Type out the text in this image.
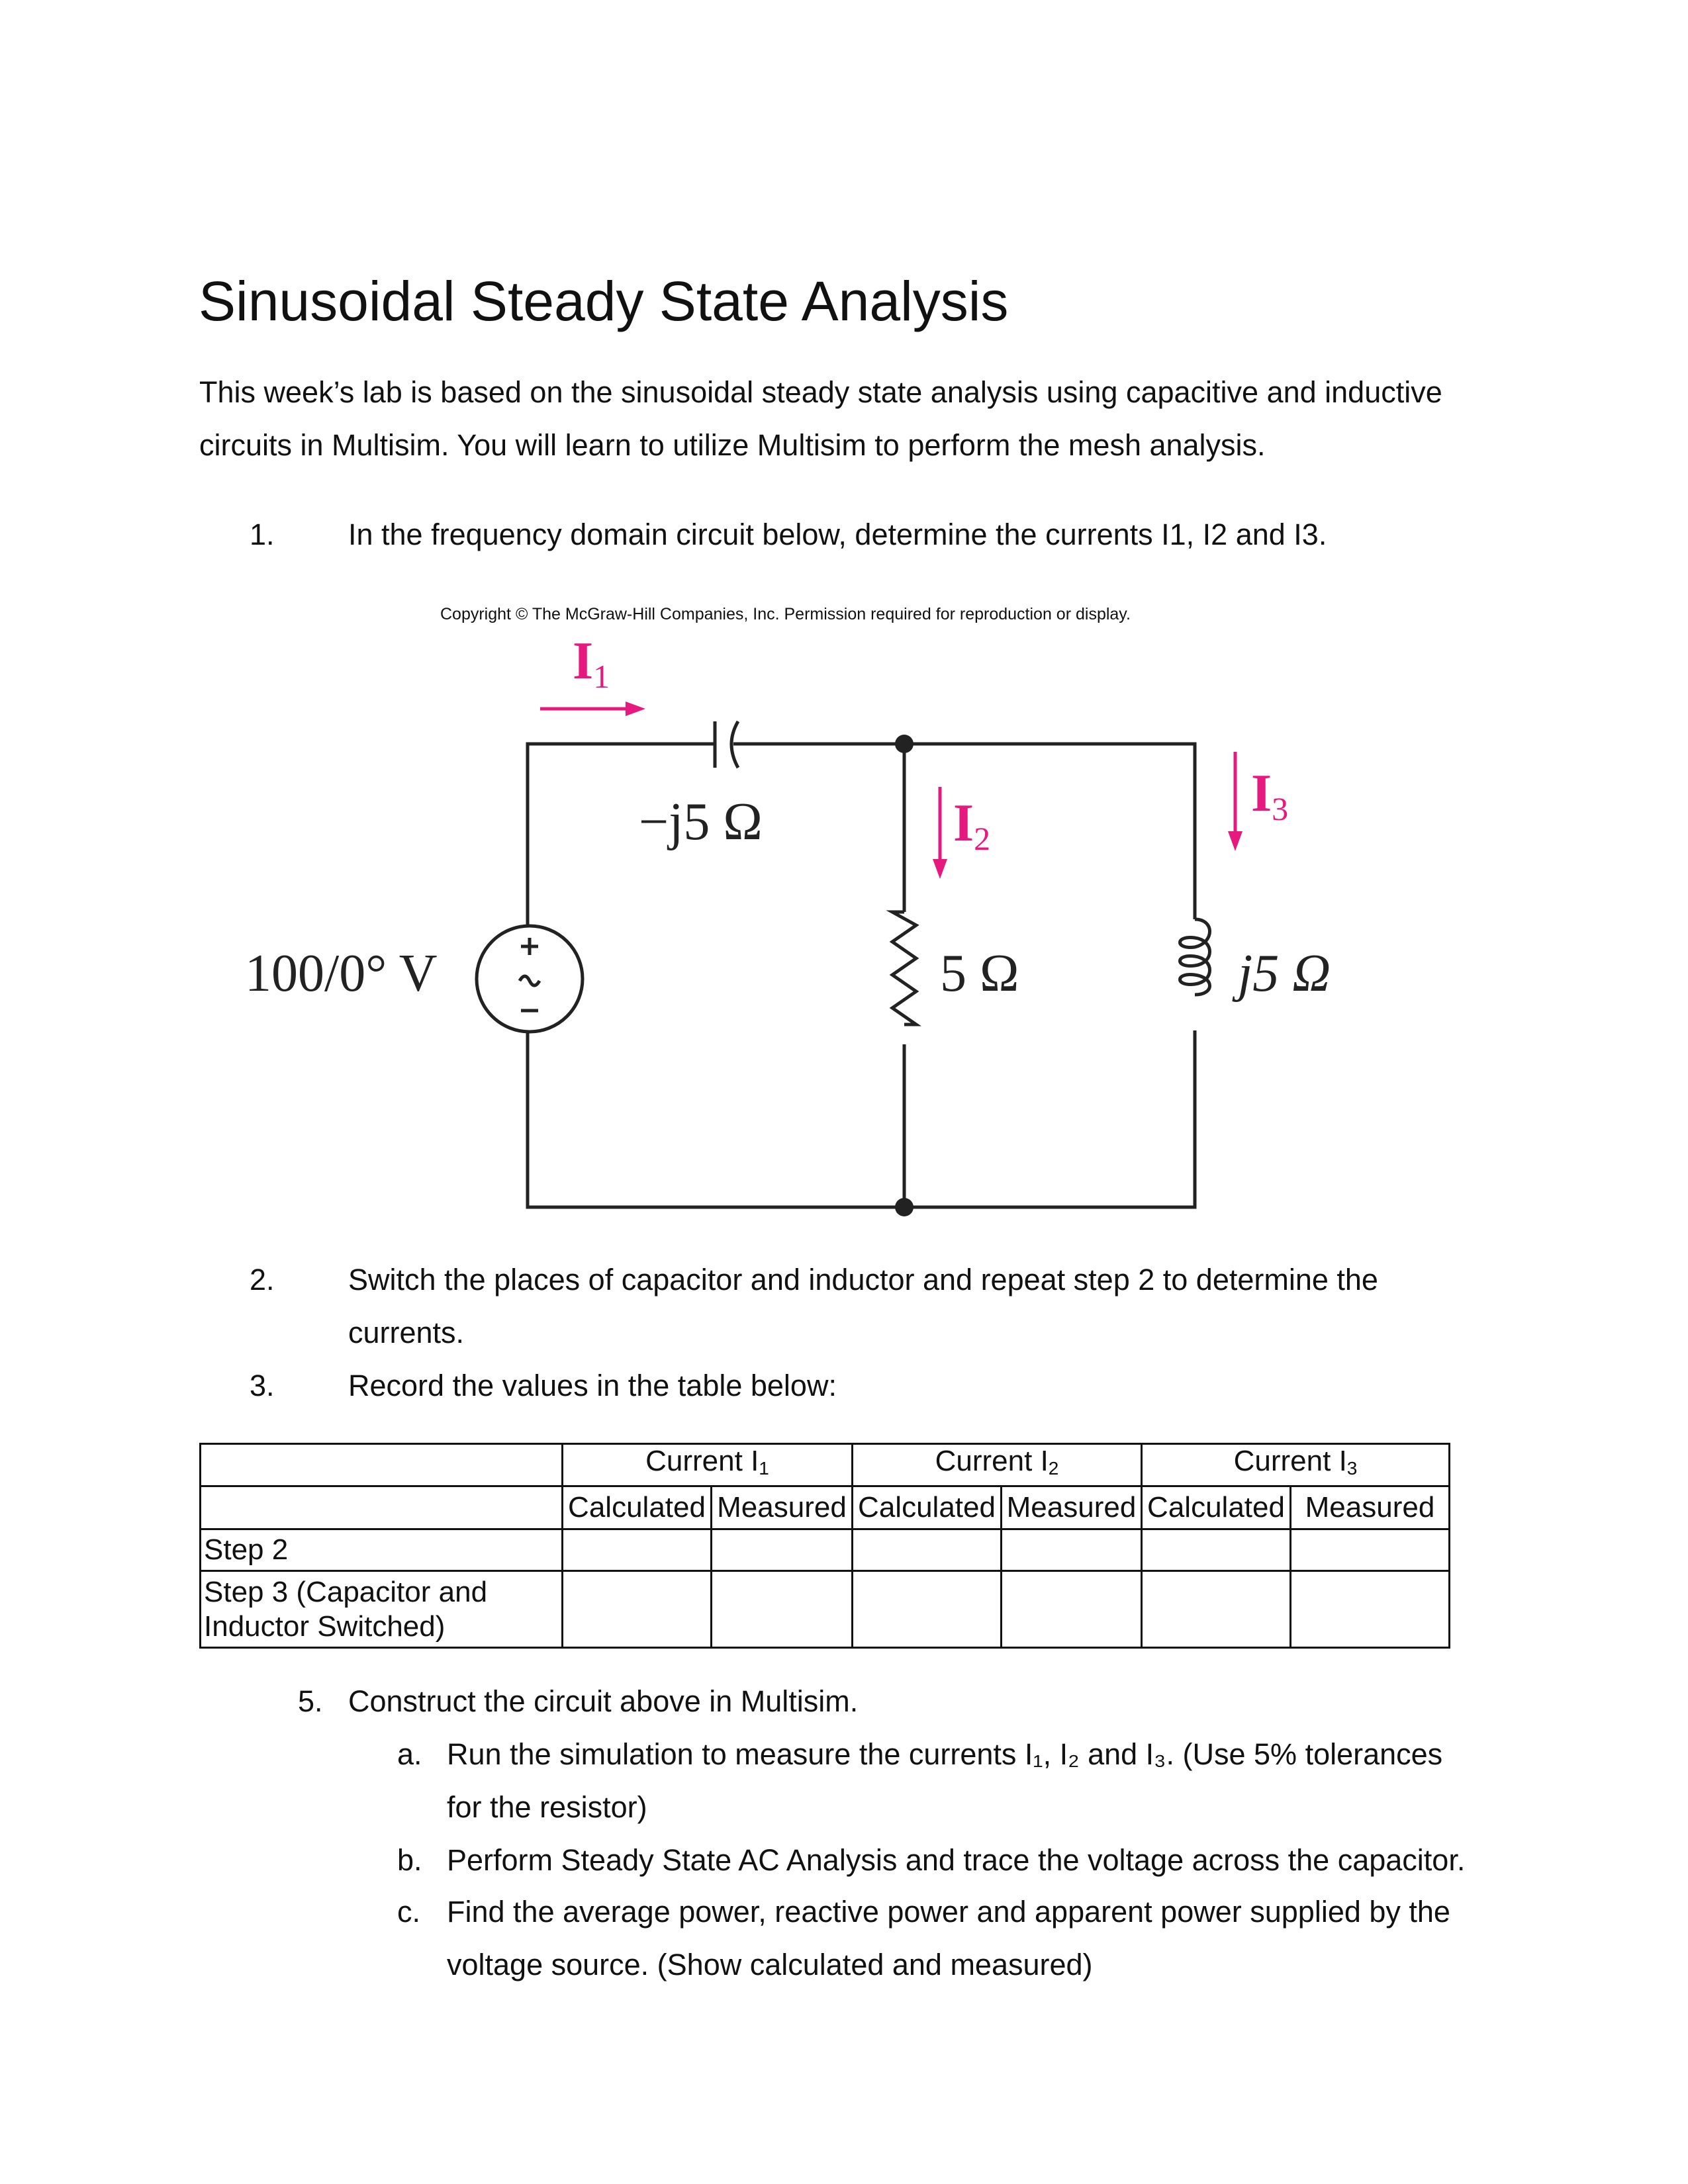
Sinusoidal Steady State Analysis
This week’s lab is based on the sinusoidal steady state analysis using capacitive and inductive
circuits in Multisim. You will learn to utilize Multisim to perform the mesh analysis.
1. In the frequency domain circuit below, determine the currents I1, I2 and I3.
Copyright © The McGraw-Hill Companies, Inc. Permission required for reproduction or display.
I1
I2
I3
−j5 Ω
100/0° V	5 Ω	j5 Ω
2. Switch the places of capacitor and inductor and repeat step 2 to determine the
currents.
3. Record the values in the table below:
	Current $I_1$		Current $I_2$		Current $I_3$
	Calculated	Measured	Calculated	Measured	Calculated	Measured
Step 2						

Step 3 (Capacitor and
Inductor Switched)						

5. Construct the circuit above in Multisim.
a. Run the simulation to measure the currents I₁, I₂ and I₃. (Use 5% tolerances
for the resistor)
b. Perform Steady State AC Analysis and trace the voltage across the capacitor.
c. Find the average power, reactive power and apparent power supplied by the
voltage source. (Show calculated and measured)
